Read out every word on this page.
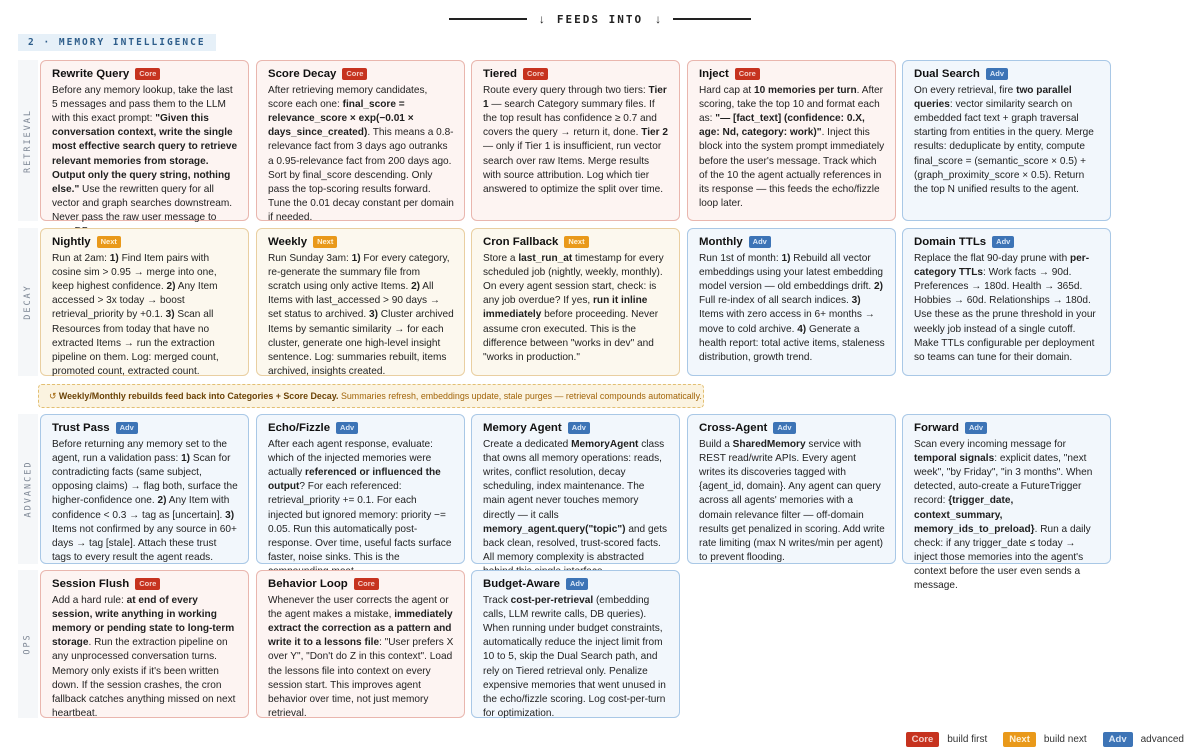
↓ FEEDS INTO ↓
2 · MEMORY INTELLIGENCE
RETRIEVAL
DECAY
ADVANCED
OPS
Rewrite Query	Core
Before any memory lookup, take the last 5 messages and pass them to the LLM with this exact prompt: "Given this conversation context, write the single most effective search query to retrieve relevant memories from storage. Output only the query string, nothing else." Use the rewritten query for all vector and graph searches downstream. Never pass the raw user message to
Score Decay	Core
After retrieving memory candidates, score each one: final_score = relevance_score × exp(−0.01 × days_since_created). This means a 0.8-relevance fact from 3 days ago outranks a 0.95-relevance fact from 200 days ago. Sort by final_score descending. Only pass the top-scoring results forward. Tune the 0.01 decay constant per domain if needed.
Tiered	Core
Route every query through two tiers: Tier 1 — search Category summary files. If the top result has confidence ≥ 0.7 and covers the query → return it, done. Tier 2 — only if Tier 1 is insufficient, run vector search over raw Items. Merge results with source attribution. Log which tier answered to optimize the split over time.
Inject	Core
Hard cap at 10 memories per turn. After scoring, take the top 10 and format each as: "— [fact_text] (confidence: 0.X, age: Nd, category: work)". Inject this block into the system prompt immediately before the user's message. Track which of the 10 the agent actually references in its response — this feeds the echo/fizzle loop later.
Dual Search	Adv
On every retrieval, fire two parallel queries: vector similarity search on embedded fact text + graph traversal starting from entities in the query. Merge results: deduplicate by entity, compute final_score = (semantic_score × 0.5) + (graph_proximity_score × 0.5). Return the top N unified results to the agent.
Nightly	Next
Run at 2am: 1) Find Item pairs with cosine sim > 0.95 → merge into one, keep highest confidence. 2) Any Item accessed > 3x today → boost retrieval_priority by +0.1. 3) Scan all Resources from today that have no extracted Items → run the extraction pipeline on them. Log: merged count, promoted count, extracted count.
Weekly	Next
Run Sunday 3am: 1) For every category, re-generate the summary file from scratch using only active Items. 2) All Items with last_accessed > 90 days → set status to archived. 3) Cluster archived Items by semantic similarity → for each cluster, generate one high-level insight sentence. Log: summaries rebuilt, items archived, insights created.
Cron Fallback	Next
Store a last_run_at timestamp for every scheduled job (nightly, weekly, monthly). On every agent session start, check: is any job overdue? If yes, run it inline immediately before proceeding. Never assume cron executed. This is the difference between "works in dev" and "works in production."
Monthly	Adv
Run 1st of month: 1) Rebuild all vector embeddings using your latest embedding model version — old embeddings drift. 2) Full re-index of all search indices. 3) Items with zero access in 6+ months → move to cold archive. 4) Generate a health report: total active items, staleness distribution, growth trend.
Domain TTLs	Adv
Replace the flat 90-day prune with per-category TTLs: Work facts → 90d. Preferences → 180d. Health → 365d. Hobbies → 60d. Relationships → 180d. Use these as the prune threshold in your weekly job instead of a single cutoff. Make TTLs configurable per deployment so teams can tune for their domain.
Trust Pass	Adv
Before returning any memory set to the agent, run a validation pass: 1) Scan for contradicting facts (same subject, opposing claims) → flag both, surface the higher-confidence one. 2) Any Item with confidence < 0.3 → tag as [uncertain]. 3) Items not confirmed by any source in 60+ days → tag [stale]. Attach these trust tags to every result the agent reads.
Echo/Fizzle	Adv
After each agent response, evaluate: which of the injected memories were actually referenced or influenced the output? For each referenced: retrieval_priority += 0.1. For each injected but ignored memory: priority −= 0.05. Run this automatically post-response. Over time, useful facts surface faster, noise sinks. This is the
Memory Agent	Adv
Create a dedicated MemoryAgent class that owns all memory operations: reads, writes, conflict resolution, decay scheduling, index maintenance. The main agent never touches memory directly — it calls memory_agent.query("topic") and gets back clean, resolved, trust-scored facts. All memory complexity is abstracted
Cross-Agent	Adv
Build a SharedMemory service with REST read/write APIs. Every agent writes its discoveries tagged with {agent_id, domain}. Any agent can query across all agents' memories with a domain relevance filter — off-domain results get penalized in scoring. Add write rate limiting (max N writes/min per agent) to prevent flooding.
Forward	Adv
Scan every incoming message for temporal signals: explicit dates, "next week", "by Friday", "in 3 months". When detected, auto-create a FutureTrigger record: {trigger_date, context_summary, memory_ids_to_preload}. Run a daily check: if any trigger_date ≤ today → inject those memories into the agent's context before the user even sends a message.
Session Flush	Core
Add a hard rule: at end of every session, write anything in working memory or pending state to long-term storage. Run the extraction pipeline on any unprocessed conversation turns. Memory only exists if it's been written down. If the session crashes, the cron fallback catches anything missed on next heartbeat.
Behavior Loop	Core
Whenever the user corrects the agent or the agent makes a mistake, immediately extract the correction as a pattern and write it to a lessons file: "User prefers X over Y", "Don't do Z in this context". Load the lessons file into context on every session start. This improves agent behavior over time, not just memory retrieval.
Budget-Aware	Adv
Track cost-per-retrieval (embedding calls, LLM rewrite calls, DB queries). When running under budget constraints, automatically reduce the inject limit from 10 to 5, skip the Dual Search path, and rely on Tiered retrieval only. Penalize expensive memories that went unused in the echo/fizzle scoring. Log cost-per-turn for optimization.
↺ Weekly/Monthly rebuilds feed back into Categories + Score Decay. Summaries refresh, embeddings update, stale purges — retrieval compounds automatically.
Core	build first	Next	build next	Adv	advanced
